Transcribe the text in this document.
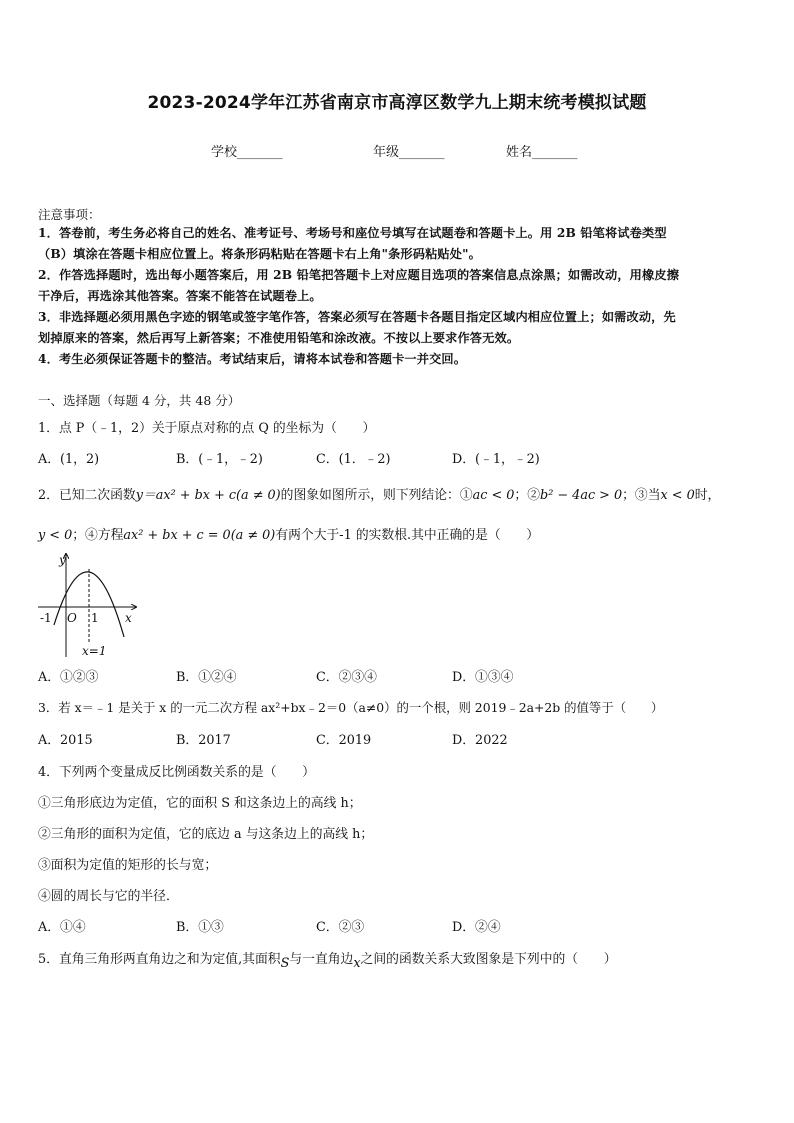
2023-2024学年江苏省南京市高淳区数学九上期末统考模拟试题
学校_______	年级_______	姓名_______
注意事项：
1．答卷前，考生务必将自己的姓名、准考证号、考场号和座位号填写在试题卷和答题卡上。用 2B 铅笔将试卷类型
（B）填涂在答题卡相应位置上。将条形码粘贴在答题卡右上角"条形码粘贴处"。
2．作答选择题时，选出每小题答案后，用 2B 铅笔把答题卡上对应题目选项的答案信息点涂黑；如需改动，用橡皮擦
干净后，再选涂其他答案。答案不能答在试题卷上。
3．非选择题必须用黑色字迹的钢笔或签字笔作答，答案必须写在答题卡各题目指定区域内相应位置上；如需改动，先
划掉原来的答案，然后再写上新答案；不准使用铅笔和涂改液。不按以上要求作答无效。
4．考生必须保证答题卡的整洁。考试结束后，请将本试卷和答题卡一并交回。
一、选择题（每题 4 分，共 48 分）
1．点 P（﹣1，2）关于原点对称的点 Q 的坐标为（　　）
A．(1，2)	B．(﹣1，﹣2)	C．(1．﹣2)	D．(﹣1，﹣2)
2．已知二次函数y＝ax² + bx + c(a ≠ 0)的图象如图所示，则下列结论：①ac < 0；②b² − 4ac > 0；③当x < 0时，
y < 0；④方程ax² + bx + c = 0(a ≠ 0)有两个大于-1 的实数根.其中正确的是（　　）
y
x
-1 O 1
x=1
A．①②③	B．①②④	C．②③④	D．①③④
3．若 x＝﹣1 是关于 x 的一元二次方程 ax²+bx﹣2＝0（a≠0）的一个根，则 2019﹣2a+2b 的值等于（　　）
A．2015	B．2017	C．2019	D．2022
4．下列两个变量成反比例函数关系的是（　　）
①三角形底边为定值，它的面积 S 和这条边上的高线 h；
②三角形的面积为定值，它的底边 a 与这条边上的高线 h；
③面积为定值的矩形的长与宽；
④圆的周长与它的半径．
A．①④	B．①③	C．②③	D．②④
5．直角三角形两直角边之和为定值,其面积S与一直角边x之间的函数关系大致图象是下列中的（　　）
